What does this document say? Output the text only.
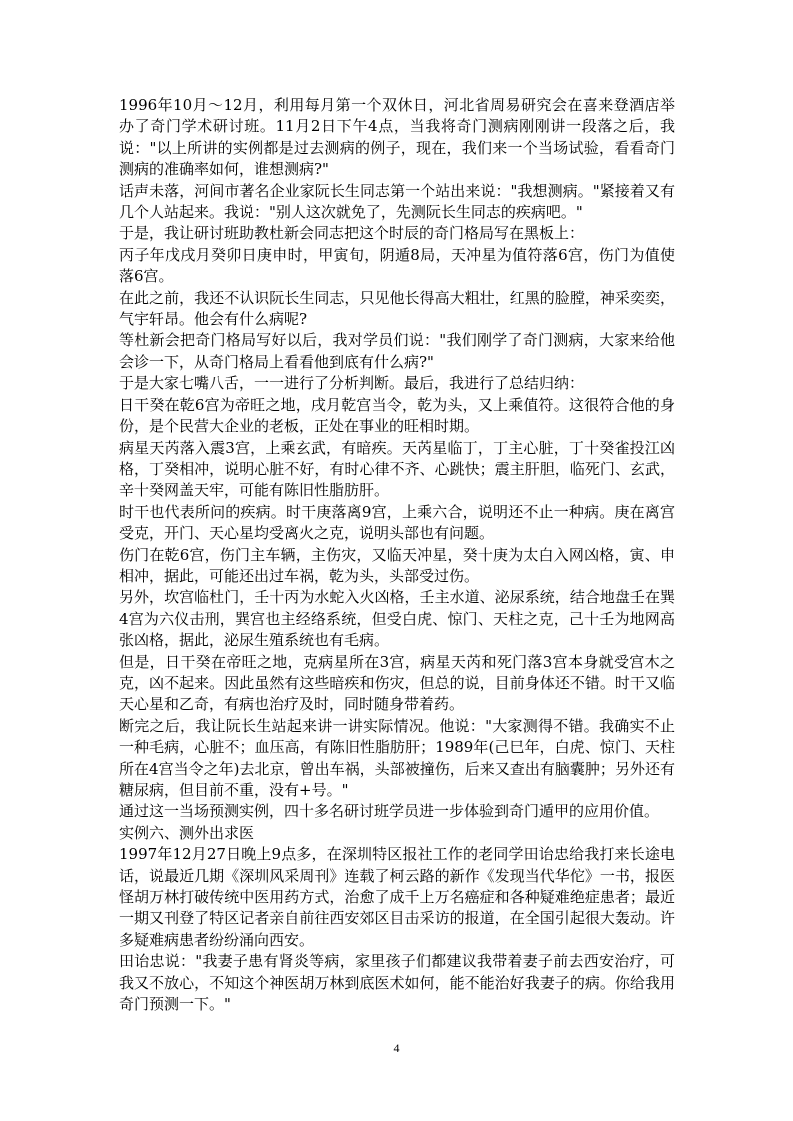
1996年10月～12月，利用每月第一个双休日，河北省周易研究会在喜来登酒店举办了奇门学术研讨班。11月2日下午4点，当我将奇门测病刚刚讲一段落之后，我说："以上所讲的实例都是过去测病的例子，现在，我们来一个当场试验，看看奇门测病的准确率如何，谁想测病?"

话声未落，河间市著名企业家阮长生同志第一个站出来说："我想测病。"紧接着又有几个人站起来。我说："别人这次就免了，先测阮长生同志的疾病吧。"

于是，我让研讨班助教杜新会同志把这个时辰的奇门格局写在黑板上：

丙子年戊戌月癸卯日庚申时，甲寅旬，阴遁8局，天冲星为值符落6宫，伤门为值使落6宫。

在此之前，我还不认识阮长生同志，只见他长得高大粗壮，红黑的脸膛，神采奕奕，气宇轩昂。他会有什么病呢?

等杜新会把奇门格局写好以后，我对学员们说："我们刚学了奇门测病，大家来给他会诊一下，从奇门格局上看看他到底有什么病?"

于是大家七嘴八舌，一一进行了分析判断。最后，我进行了总结归纳：

日干癸在乾6宫为帝旺之地，戌月乾宫当令，乾为头，又上乘值符。这很符合他的身份，是个民营大企业的老板，正处在事业的旺相时期。

病星天芮落入震3宫，上乘玄武，有暗疾。天芮星临丁，丁主心脏，丁十癸雀投江凶格，丁癸相冲，说明心脏不好，有时心律不齐、心跳快；震主肝胆，临死门、玄武，辛十癸网盖天牢，可能有陈旧性脂肪肝。

时干也代表所问的疾病。时干庚落离9宫，上乘六合，说明还不止一种病。庚在离宫受克，开门、天心星均受离火之克，说明头部也有问题。

伤门在乾6宫，伤门主车辆，主伤灾，又临天冲星，癸十庚为太白入网凶格，寅、申相冲，据此，可能还出过车祸，乾为头，头部受过伤。

另外，坎宫临杜门，壬十丙为水蛇入火凶格，壬主水道、泌尿系统，结合地盘壬在巽4宫为六仪击刑，巽宫也主经络系统，但受白虎、惊门、天柱之克，己十壬为地网高张凶格，据此，泌尿生殖系统也有毛病。

但是，日干癸在帝旺之地，克病星所在3宫，病星天芮和死门落3宫本身就受宫木之克，凶不起来。因此虽然有这些暗疾和伤灾，但总的说，目前身体还不错。时干又临天心星和乙奇，有病也治疗及时，同时随身带着药。

断完之后，我让阮长生站起来讲一讲实际情况。他说："大家测得不错。我确实不止一种毛病，心脏不；血压高，有陈旧性脂肪肝；1989年(己巳年，白虎、惊门、天柱所在4宫当令之年)去北京，曾出车祸，头部被撞伤，后来又查出有脑囊肿；另外还有糖尿病，但目前不重，没有+号。"

通过这一当场预测实例，四十多名研讨班学员进一步体验到奇门遁甲的应用价值。

实例六、测外出求医

1997年12月27日晚上9点多，在深圳特区报社工作的老同学田诒忠给我打来长途电话，说最近几期《深圳风采周刊》连载了柯云路的新作《发现当代华佗》一书，报医怪胡万林打破传统中医用药方式，治愈了成千上万名癌症和各种疑难绝症患者；最近一期又刊登了特区记者亲自前往西安郊区目击采访的报道，在全国引起很大轰动。许多疑难病患者纷纷涌向西安。

田诒忠说："我妻子患有肾炎等病，家里孩子们都建议我带着妻子前去西安治疗，可我又不放心，不知这个神医胡万林到底医术如何，能不能治好我妻子的病。你给我用奇门预测一下。"

4
